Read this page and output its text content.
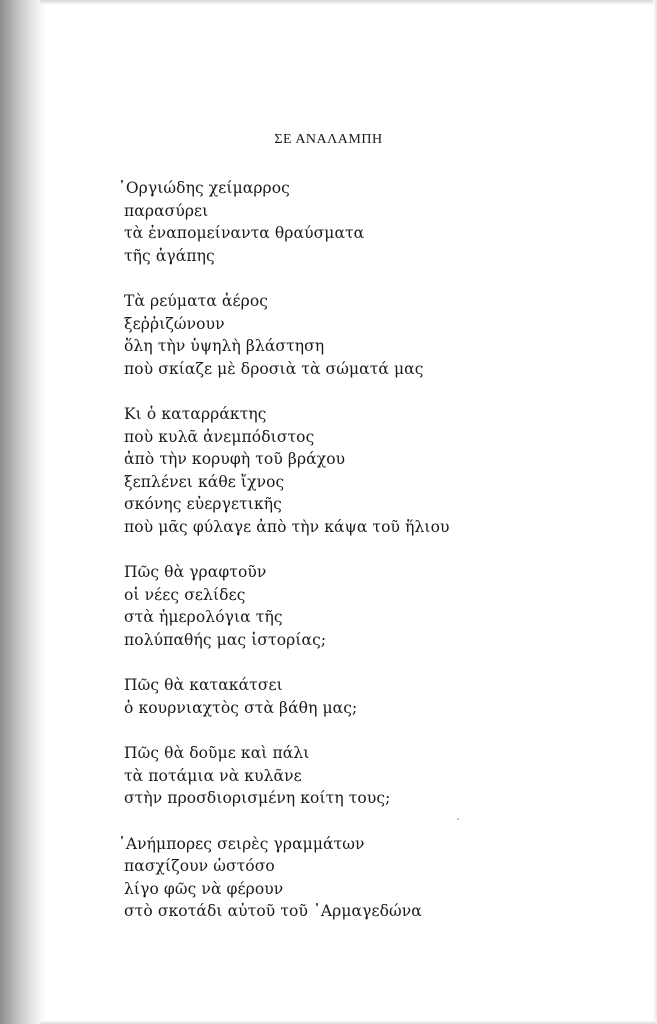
ΣΕ ΑΝΑΛΑΜΠΗ
᾿Οργιώδης χείμαρρος
παρασύρει
τὰ ἐναπομείναντα θραύσματα
τῆς ἀγάπης
Τὰ ρεύματα ἀέρος
ξεῤῥιζώνουν
ὅλη τὴν ὑψηλὴ βλάστηση
ποὺ σκίαζε μὲ δροσιὰ τὰ σώματά μας
Κι ὁ καταρράκτης
ποὺ κυλᾶ ἀνεμπόδιστος
ἀπὸ τὴν κορυφὴ τοῦ βράχου
ξεπλένει κάθε ἴχνος
σκόνης εὐεργετικῆς
ποὺ μᾶς φύλαγε ἀπὸ τὴν κάψα τοῦ ἥλιου
Πῶς θὰ γραφτοῦν
οἱ νέες σελίδες
στὰ ἡμερολόγια τῆς
πολύπαθής μας ἱστορίας;
Πῶς θὰ κατακάτσει
ὁ κουρνιαχτὸς στὰ βάθη μας;
Πῶς θὰ δοῦμε καὶ πάλι
τὰ ποτάμια νὰ κυλᾶνε
στὴν προσδιορισμένη κοίτη τους;
᾿Ανήμπορες σειρὲς γραμμάτων
πασχίζουν ὡστόσο
λίγο φῶς νὰ φέρουν
στὸ σκοτάδι αὐτοῦ τοῦ ᾿Αρμαγεδώνα
